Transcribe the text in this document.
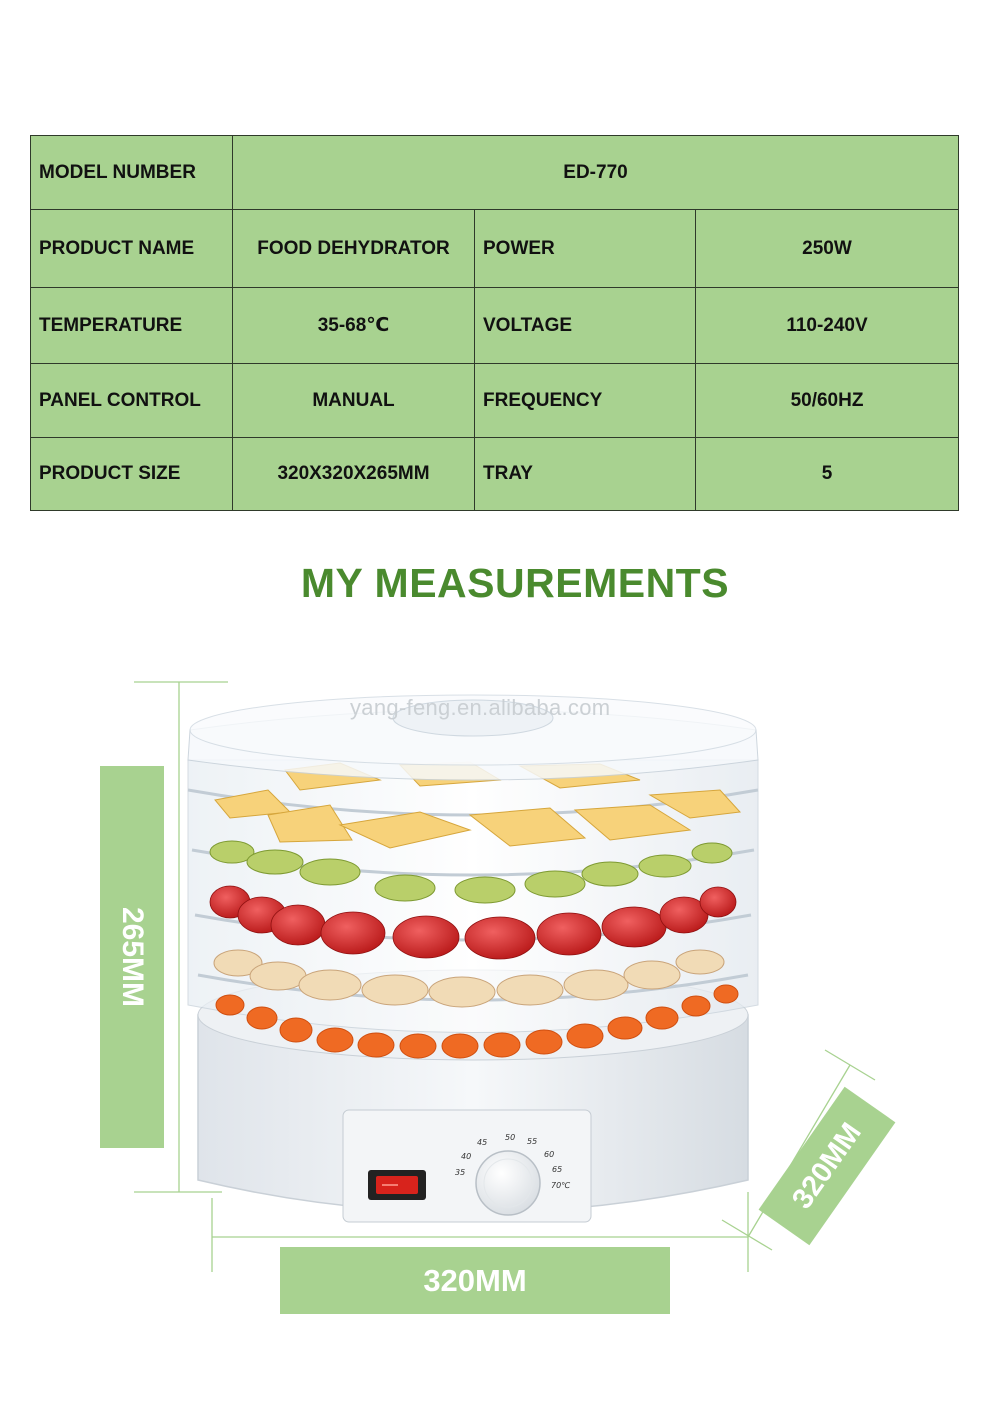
MODEL NUMBER	ED-770		
PRODUCT NAME	FOOD DEHYDRATOR	POWER	250W
TEMPERATURE	35-68℃	VOLTAGE	110-240V
PANEL CONTROL	MANUAL	FREQUENCY	50/60HZ
PRODUCT SIZE	320X320X265MM	TRAY	5
MY MEASUREMENTS
35
40
45
50 55
60
65
70℃
yang-feng.en.alibaba.com
265MM
320MM
320MM
